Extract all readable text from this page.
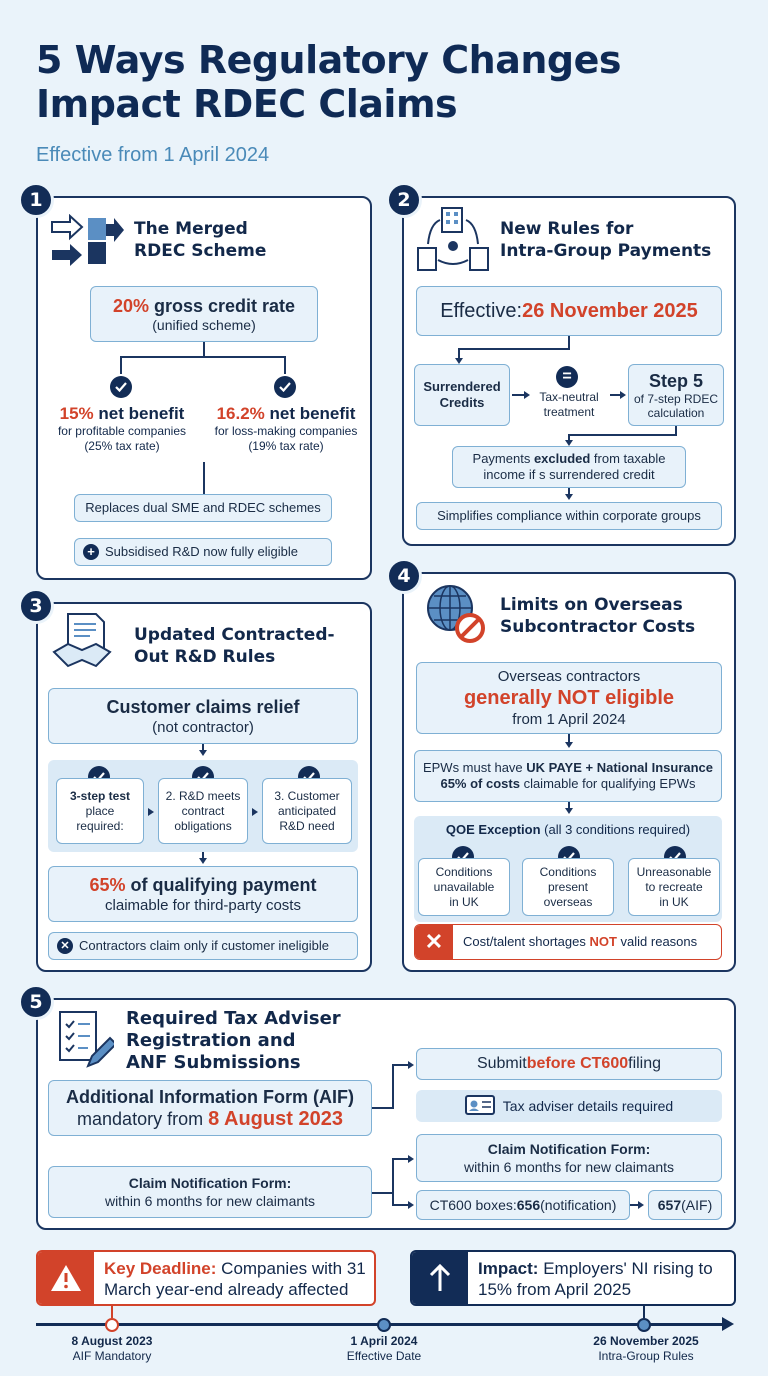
5 Ways Regulatory Changes
Impact RDEC Claims
Effective from 1 April 2024
1
The Merged
RDEC Scheme
20% gross credit rate
(unified scheme)
15% net benefit
for profitable companies
(25% tax rate)
16.2% net benefit
for loss-making companies
(19% tax rate)
Replaces dual SME and RDEC schemes
+ Subsidised R&D now fully eligible
2
New Rules for
Intra-Group Payments
Effective: 26 November 2025
Surrendered Credits
=
Tax-neutral
treatment
Step 5
of 7-step RDEC
calculation
Payments excluded from taxable
income if s surrendered credit
Simplifies compliance within corporate groups
3
Updated Contracted-
Out R&D Rules
Customer claims relief
(not contractor)
3-step test
place
required:
2. R&D meets
contract
obligations
3. Customer
anticipated
R&D need
65% of qualifying payment
claimable for third-party costs
✕ Contractors claim only if customer ineligible
4
Limits on Overseas
Subcontractor Costs
Overseas contractors
generally NOT eligible
from 1 April 2024
EPWs must have UK PAYE + National Insurance
65% of costs claimable for qualifying EPWs
QOE Exception (all 3 conditions required)
Conditions
unavailable
in UK
Conditions
present
overseas
Unreasonable
to recreate
in UK
✕	Cost/talent shortages NOT valid reasons
5
Required Tax Adviser
Registration and
ANF Submissions
Additional Information Form (AIF)
mandatory from 8 August 2023
Claim Notification Form:
within 6 months for new claimants
Submit before CT600 filing
Tax adviser details required
Claim Notification Form:
within 6 months for new claimants
CT600 boxes: 656 (notification)	657 (AIF)
Key Deadline: Companies with 31
March year-end already affected
Impact: Employers' NI rising to
15% from April 2025
8 August 2023
AIF Mandatory
1 April 2024
Effective Date
26 November 2025
Intra-Group Rules
